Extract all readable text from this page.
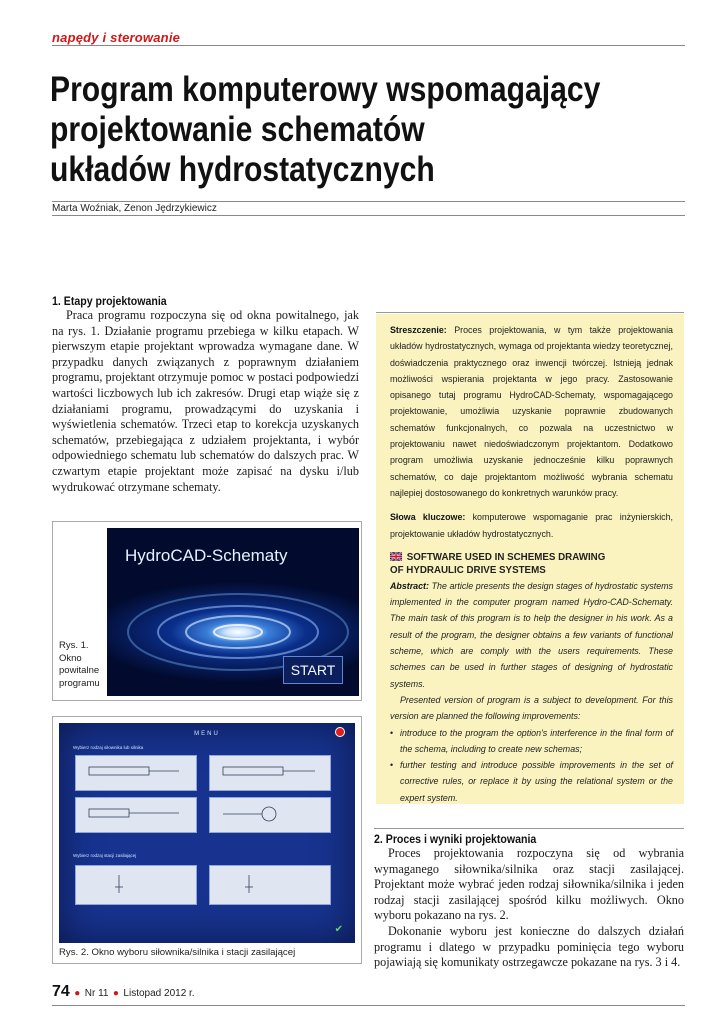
napędy i sterowanie
Program komputerowy wspomagający
projektowanie schematów
układów hydrostatycznych
Marta Woźniak, Zenon Jędrzykiewicz
1. Etapy projektowania

Praca programu rozpoczyna się od okna powitalnego, jak na rys. 1. Działanie programu przebiega w kilku etapach. W pierwszym etapie projektant wprowadza wymagane dane. W przypadku danych związanych z poprawnym działaniem programu, projektant otrzymuje pomoc w postaci podpowiedzi wartości liczbowych lub ich zakresów. Drugi etap wiąże się z działaniami programu, prowadzącymi do uzyskania i wyświetlenia schematów. Trzeci etap to korekcja uzyskanych schematów, przebiegająca z udziałem projektanta, i wybór odpowiedniego schematu lub schematów do dalszych prac. W czwartym etapie projektant może zapisać na dysku i/lub wydrukować otrzymane schematy.

Streszczenie: Proces projektowania, w tym także projektowania układów hydrostatycznych, wymaga od projektanta wiedzy teoretycznej, doświadczenia praktycznego oraz inwencji twórczej. Istnieją jednak możliwości wspierania projektanta w jego pracy. Zastosowanie opisanego tutaj programu HydroCAD-Schematy, wspomagającego projektowanie, umożliwia uzyskanie poprawnie zbudowanych schematów funkcjonalnych, co pozwala na uczestnictwo w projektowaniu nawet niedoświadczonym projektantom. Dodatkowo program umożliwia uzyskanie jednocześnie kilku poprawnych schematów, co daje projektantom możliwość wybrania schematu najlepiej dostosowanego do konkretnych warunków pracy.

Słowa kluczowe: komputerowe wspomaganie prac inżynierskich, projektowanie układów hydrostatycznych.

SOFTWARE USED IN SCHEMES DRAWING
OF HYDRAULIC DRIVE SYSTEMS

Abstract: The article presents the design stages of hydrostatic systems implemented in the computer program named Hydro-CAD-Schematy. The main task of this program is to help the designer in his work. As a result of the program, the designer obtains a few variants of functional scheme, which are comply with the users requirements. These schemes can be used in further stages of designing of hydrostatic systems.

Presented version of program is a subject to development. For this version are planned the following improvements:

• introduce to the program the option's interference in the final form of the schema, including to create new schemas;
• further testing and introduce possible improvements in the set of corrective rules, or replace it by using the relational system or the expert system.
Rys. 1. Okno powitalne programu
HydroCAD-Schematy
START
MENU
Wybierz rodzaj siłownika lub silnika
Wybierz rodzaj stacji zasilającej
✔
Rys. 2. Okno wyboru siłownika/silnika i stacji zasilającej
2. Proces i wyniki projektowania

Proces projektowania rozpoczyna się od wybrania wymaganego siłownika/silnika oraz stacji zasilającej. Projektant może wybrać jeden rodzaj siłownika/silnika i jeden rodzaj stacji zasilającej spośród kilku możliwych. Okno wyboru pokazano na rys. 2.

Dokonanie wyboru jest konieczne do dalszych działań programu i dlatego w przypadku pominięcia tego wyboru pojawiają się komunikaty ostrzegawcze pokazane na rys. 3 i 4.

74 ● Nr 11 ● Listopad 2012 r.
